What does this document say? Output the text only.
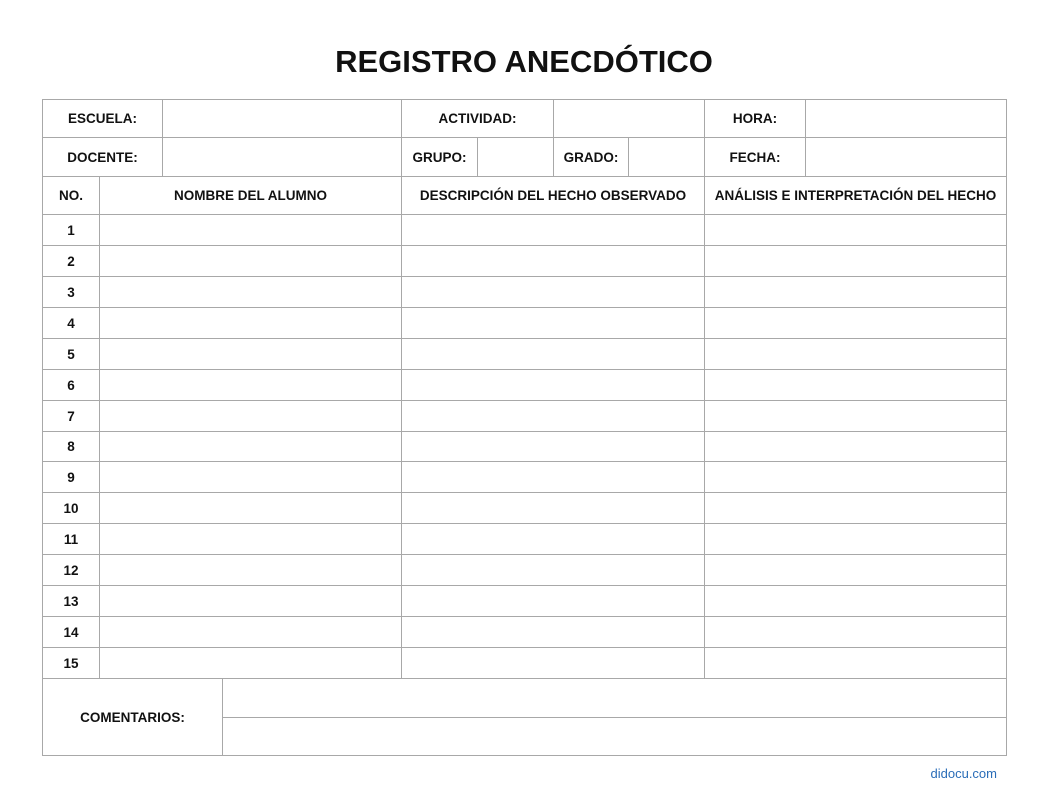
REGISTRO ANECDÓTICO
ESCUELA:	ACTIVIDAD:	HORA:
DOCENTE:	GRUPO:	GRADO:	FECHA:
NO.	NOMBRE DEL ALUMNO	DESCRIPCIÓN DEL HECHO OBSERVADO	ANÁLISIS E INTERPRETACIÓN DEL HECHO
1
2
3
4
5
6
7
8
9
10
11
12
13
14
15
COMENTARIOS:
didocu.com
